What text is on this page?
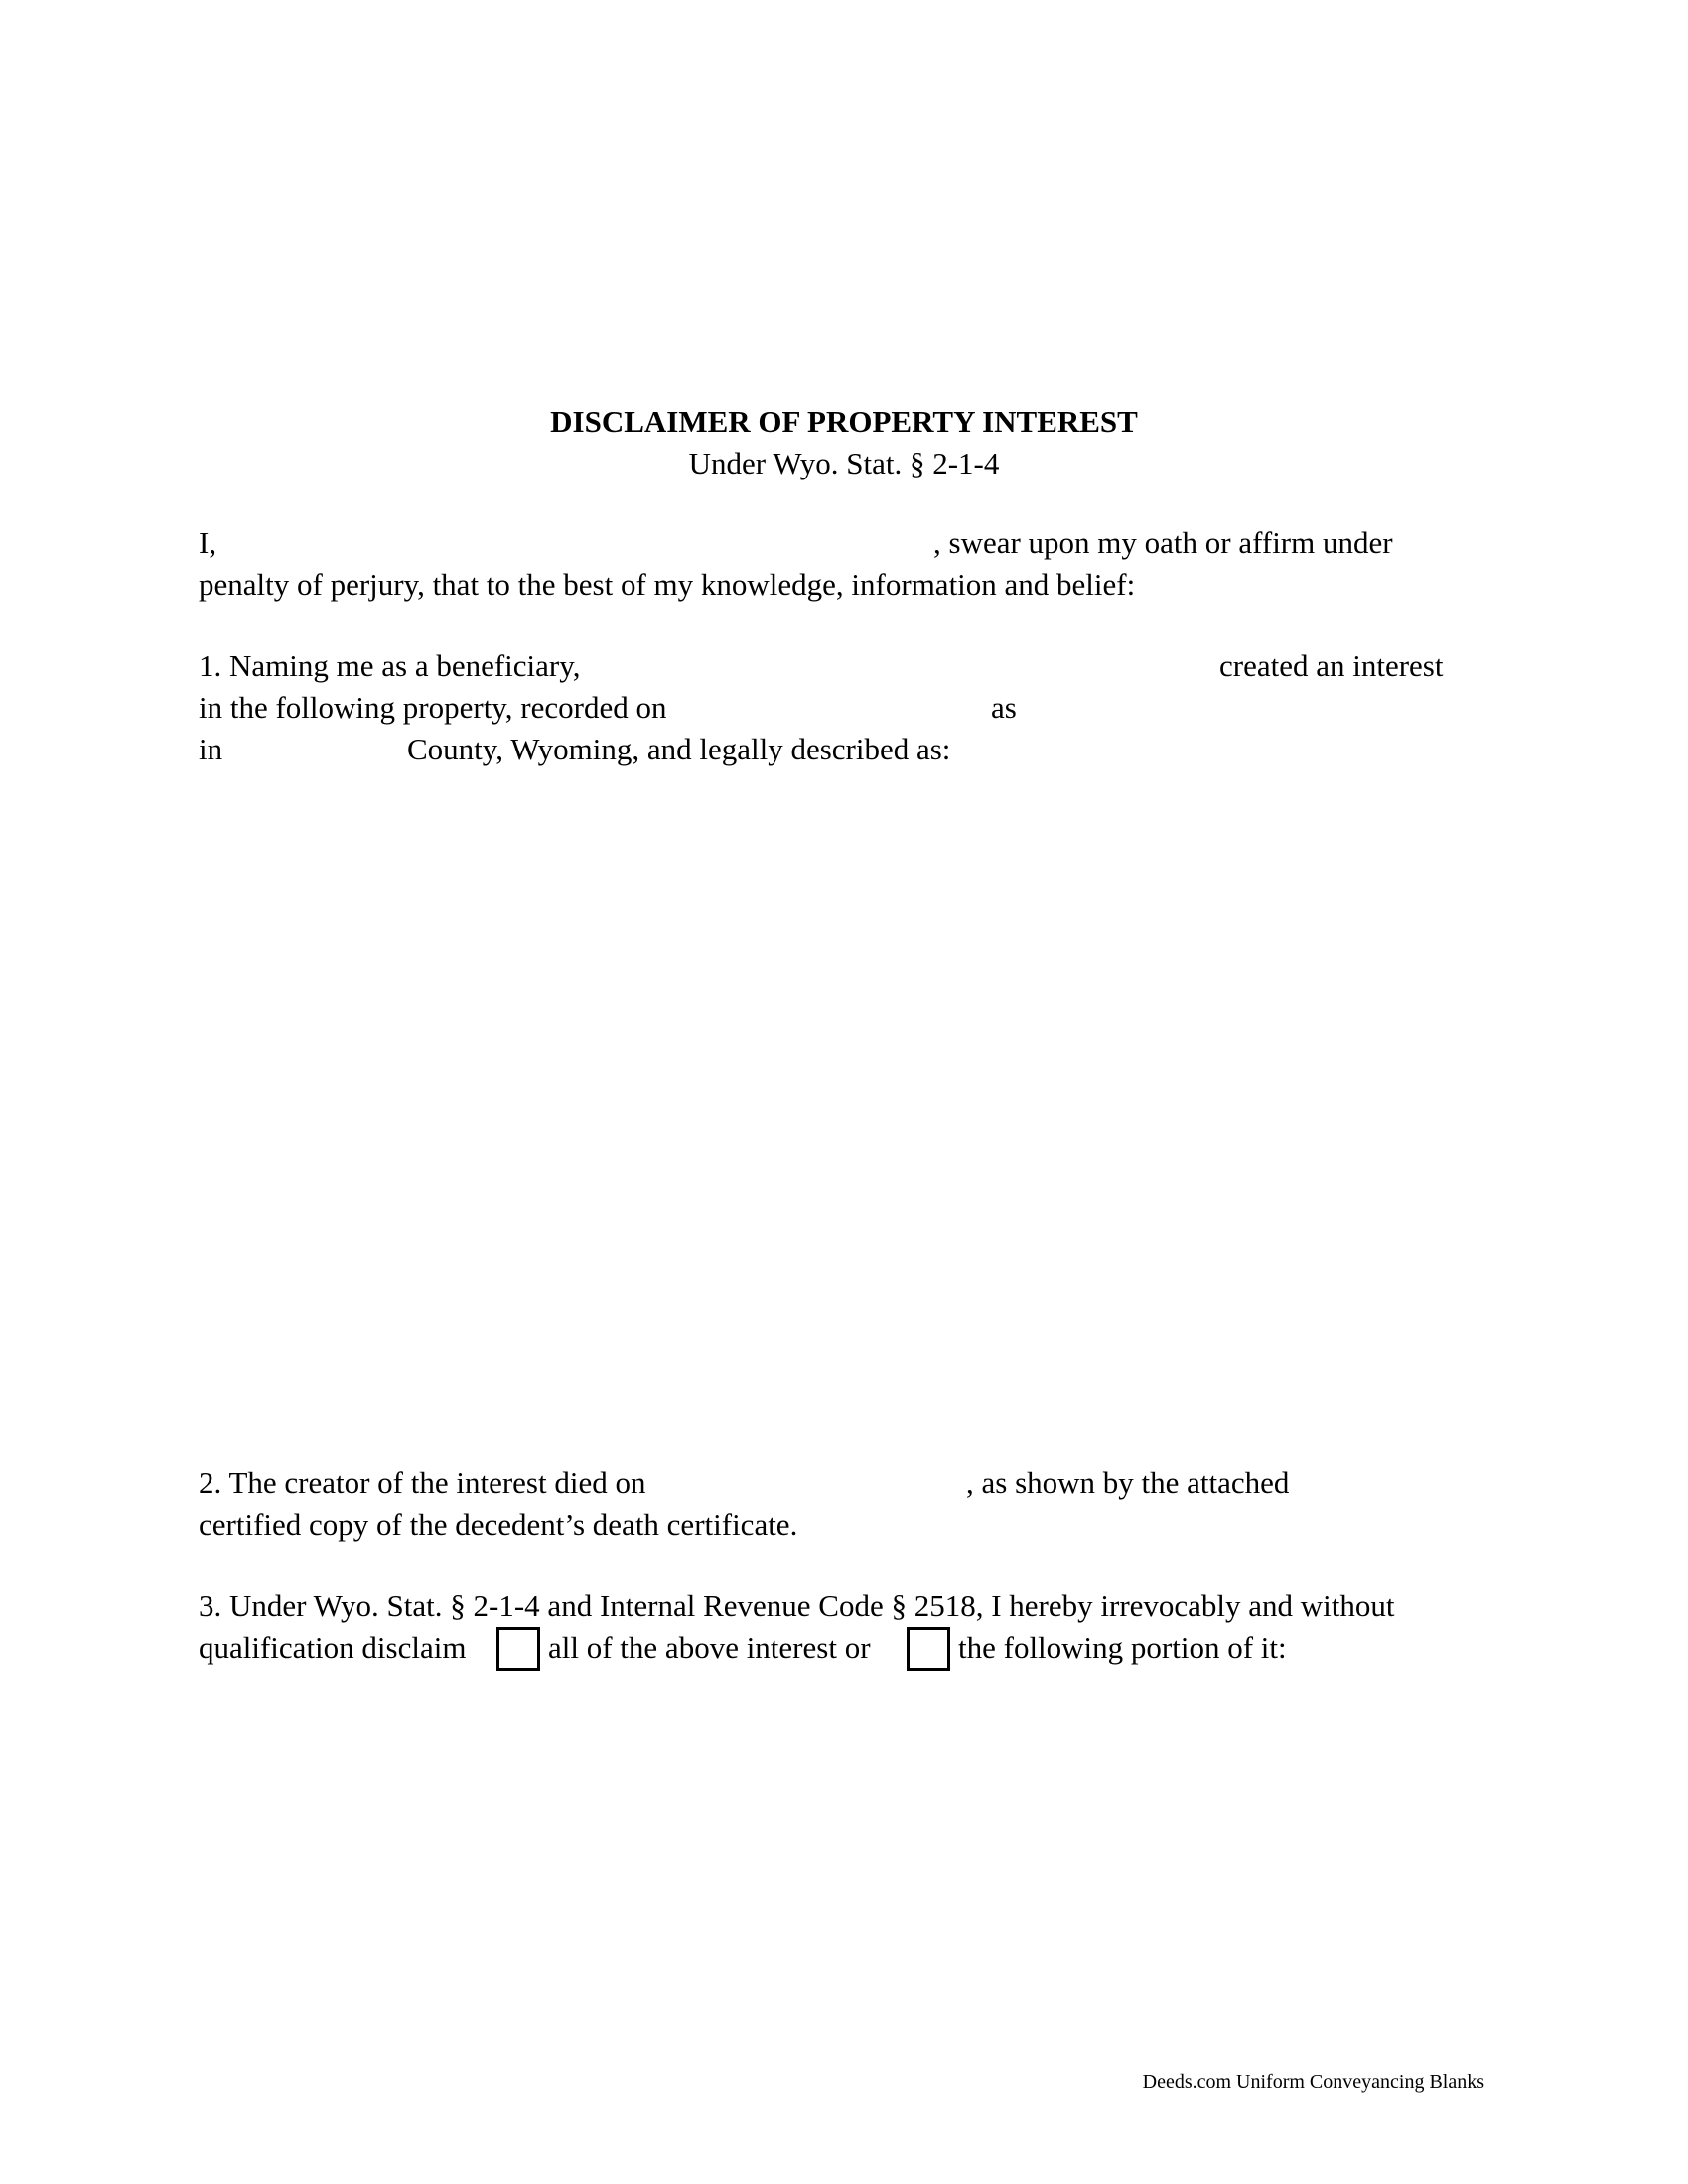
DISCLAIMER OF PROPERTY INTEREST
Under Wyo. Stat. § 2-1-4
I,	, swear upon my oath or affirm under
penalty of perjury, that to the best of my knowledge, information and belief:
1. Naming me as a beneficiary,	created an interest
in the following property, recorded on	as
in	County, Wyoming, and legally described as:
2. The creator of the interest died on	, as shown by the attached
certified copy of the decedent’s death certificate.
3. Under Wyo. Stat. § 2-1-4 and Internal Revenue Code § 2518, I hereby irrevocably and without
qualification disclaim	all of the above interest or	the following portion of it:
Deeds.com Uniform Conveyancing Blanks
